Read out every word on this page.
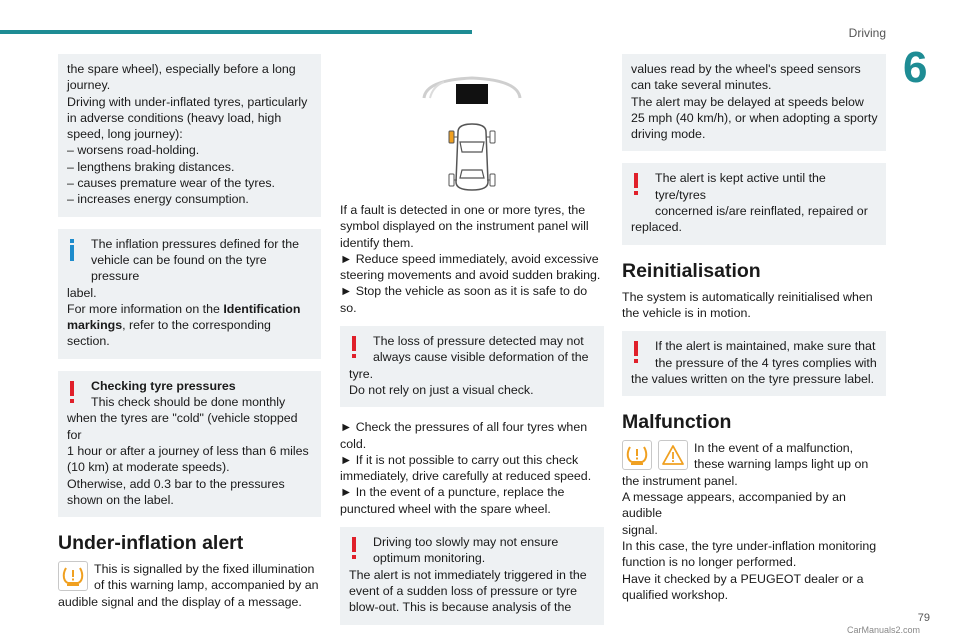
Driving
6
the spare wheel), especially before a long
journey.
Driving with under-inflated tyres, particularly
in adverse conditions (heavy load, high
speed, long journey):
– worsens road-holding.
– lengthens braking distances.
– causes premature wear of the tyres.
– increases energy consumption.
The inflation pressures defined for the
vehicle can be found on the tyre pressure
label.
For more information on the Identification
markings, refer to the corresponding section.
Checking tyre pressures
This check should be done monthly
when the tyres are "cold" (vehicle stopped for
1 hour or after a journey of less than 6 miles
(10 km) at moderate speeds).
Otherwise, add 0.3 bar to the pressures
shown on the label.
Under-inflation alert
This is signalled by the fixed illumination
of this warning lamp, accompanied by an
audible signal and the display of a message.
If a fault is detected in one or more tyres, the
symbol displayed on the instrument panel will
identify them.
► Reduce speed immediately, avoid excessive
steering movements and avoid sudden braking.
► Stop the vehicle as soon as it is safe to do
so.
The loss of pressure detected may not
always cause visible deformation of the
tyre.
Do not rely on just a visual check.
► Check the pressures of all four tyres when
cold.
► If it is not possible to carry out this check
immediately, drive carefully at reduced speed.
► In the event of a puncture, replace the
punctured wheel with the spare wheel.
Driving too slowly may not ensure
optimum monitoring.
The alert is not immediately triggered in the
event of a sudden loss of pressure or tyre
blow-out. This is because analysis of the
values read by the wheel's speed sensors
can take several minutes.
The alert may be delayed at speeds below
25 mph (40 km/h), or when adopting a sporty
driving mode.
The alert is kept active until the tyre/tyres
concerned is/are reinflated, repaired or
replaced.
Reinitialisation
The system is automatically reinitialised when
the vehicle is in motion.
If the alert is maintained, make sure that
the pressure of the 4 tyres complies with
the values written on the tyre pressure label.
Malfunction
In the event of a malfunction,
these warning lamps light up on
the instrument panel.
A message appears, accompanied by an audible
signal.
In this case, the tyre under-inflation monitoring
function is no longer performed.
Have it checked by a PEUGEOT dealer or a
qualified workshop.
79
CarManuals2.com
